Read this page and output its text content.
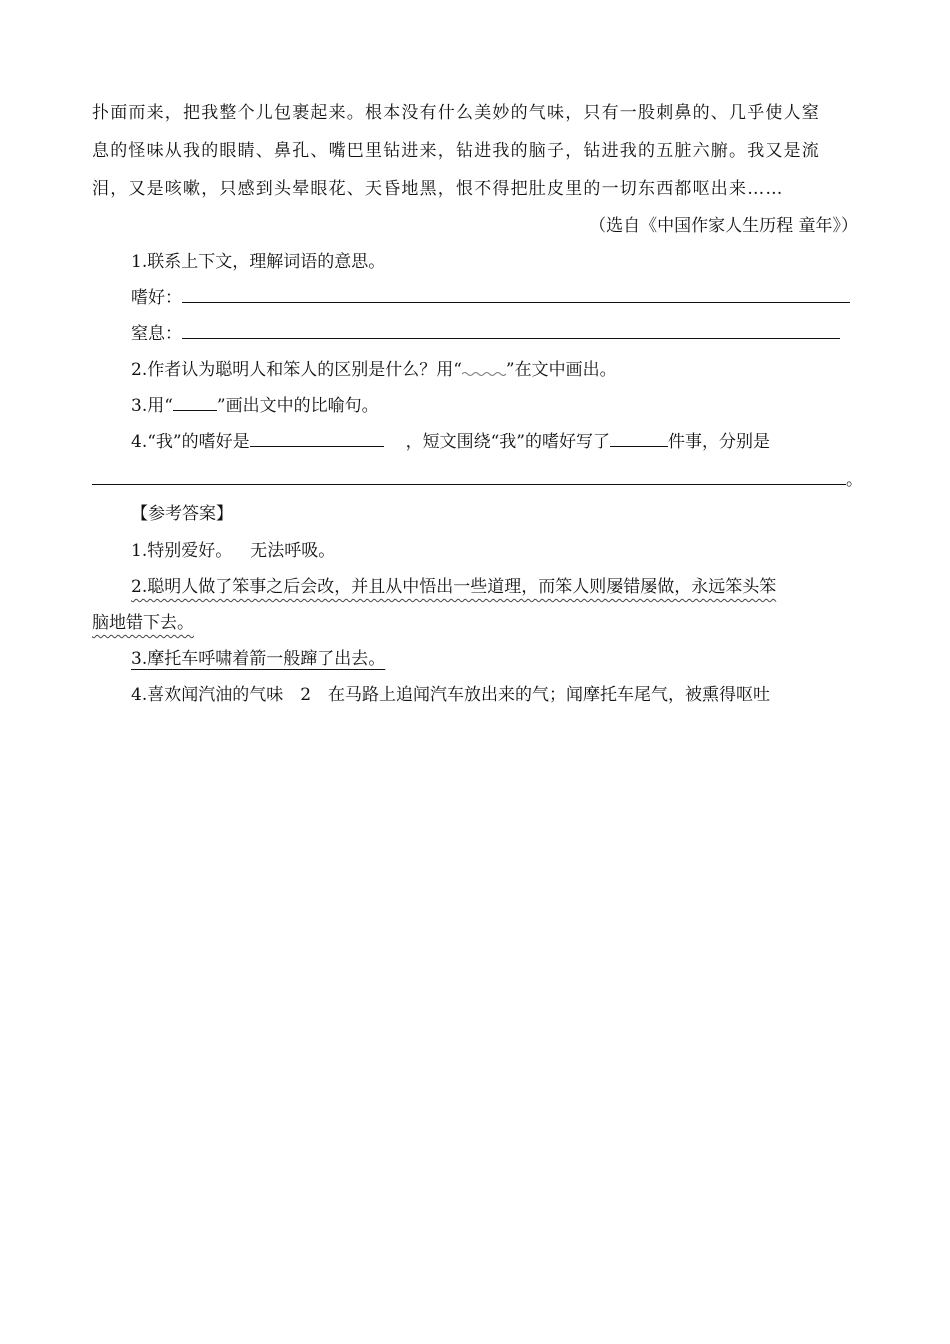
扑面而来，把我整个儿包裹起来。根本没有什么美妙的气味，只有一股刺鼻的、几乎使人窒
息的怪味从我的眼睛、鼻孔、嘴巴里钻进来，钻进我的脑子，钻进我的五脏六腑。我又是流
泪，又是咳嗽，只感到头晕眼花、天昏地黑，恨不得把肚皮里的一切东西都呕出来……
（选自《中国作家人生历程 童年》）
1.联系上下文，理解词语的意思。
嗜好：
窒息：
2.作者认为聪明人和笨人的区别是什么？用“	”在文中画出。
3.用“	”画出文中的比喻句。
4.“我”的嗜好是	，短文围绕“我”的嗜好写了	件事，分别是
。
【参考答案】
1.特别爱好。 无法呼吸。
2.聪明人做了笨事之后会改，并且从中悟出一些道理，而笨人则屡错屡做，永远笨头笨
脑地错下去。
3.摩托车呼啸着箭一般蹿了出去。
4.喜欢闻汽油的气味　2　在马路上追闻汽车放出来的气；闻摩托车尾气，被熏得呕吐
